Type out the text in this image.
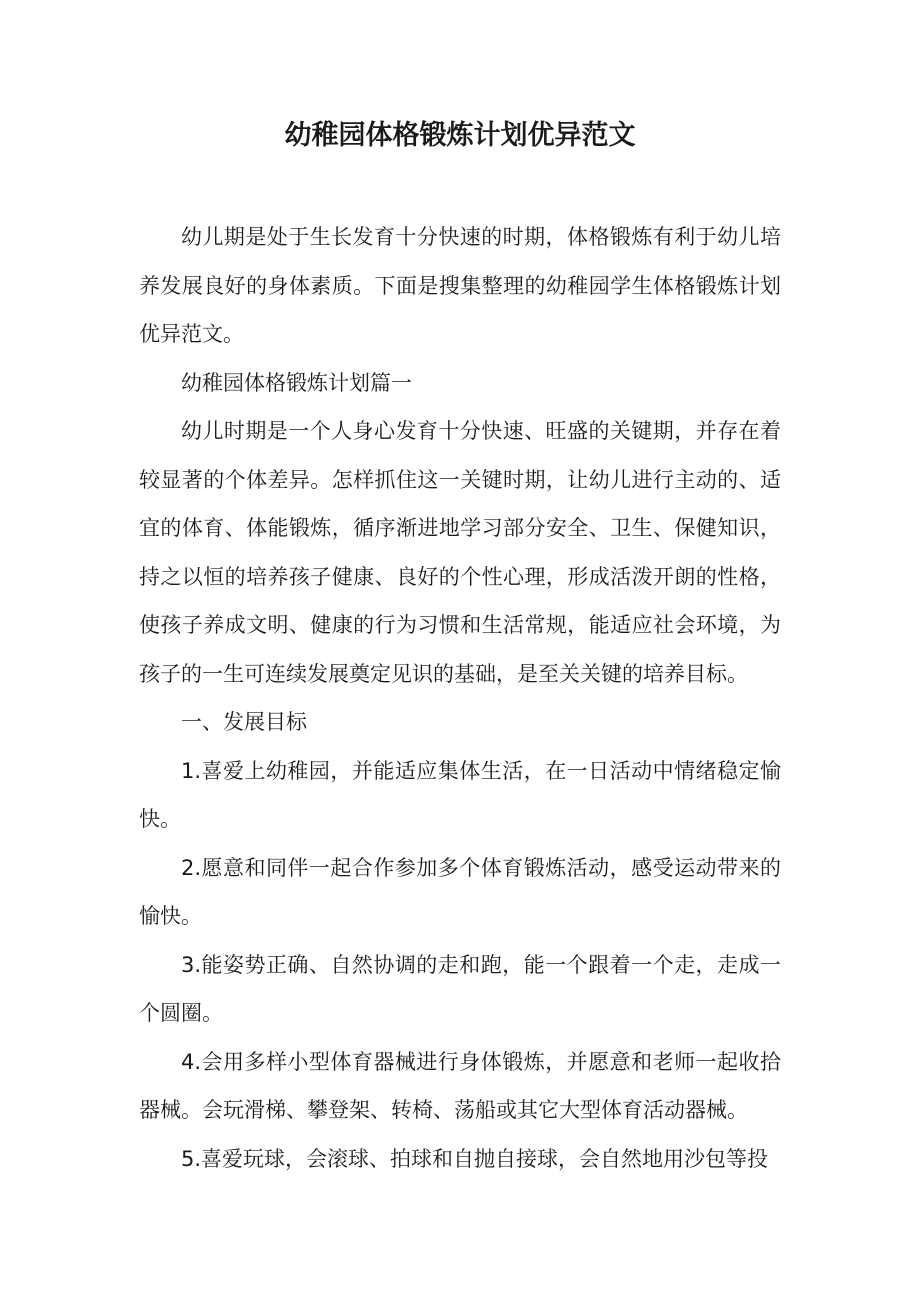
幼稚园体格锻炼计划优异范文

幼儿期是处于生长发育十分快速的时期，体格锻炼有利于幼儿培养发展良好的身体素质。下面是搜集整理的幼稚园学生体格锻炼计划优异范文。

幼稚园体格锻炼计划篇一

幼儿时期是一个人身心发育十分快速、旺盛的关键期，并存在着较显著的个体差异。怎样抓住这一关键时期，让幼儿进行主动的、适宜的体育、体能锻炼，循序渐进地学习部分安全、卫生、保健知识，持之以恒的培养孩子健康、良好的个性心理，形成活泼开朗的性格，使孩子养成文明、健康的行为习惯和生活常规，能适应社会环境，为孩子的一生可连续发展奠定见识的基础，是至关关键的培养目标。

一、发展目标

1.喜爱上幼稚园，并能适应集体生活，在一日活动中情绪稳定愉快。

2.愿意和同伴一起合作参加多个体育锻炼活动，感受运动带来的愉快。

3.能姿势正确、自然协调的走和跑，能一个跟着一个走，走成一个圆圈。

4.会用多样小型体育器械进行身体锻炼，并愿意和老师一起收拾器械。会玩滑梯、攀登架、转椅、荡船或其它大型体育活动器械。

5.喜爱玩球，会滚球、拍球和自抛自接球，会自然地用沙包等投
